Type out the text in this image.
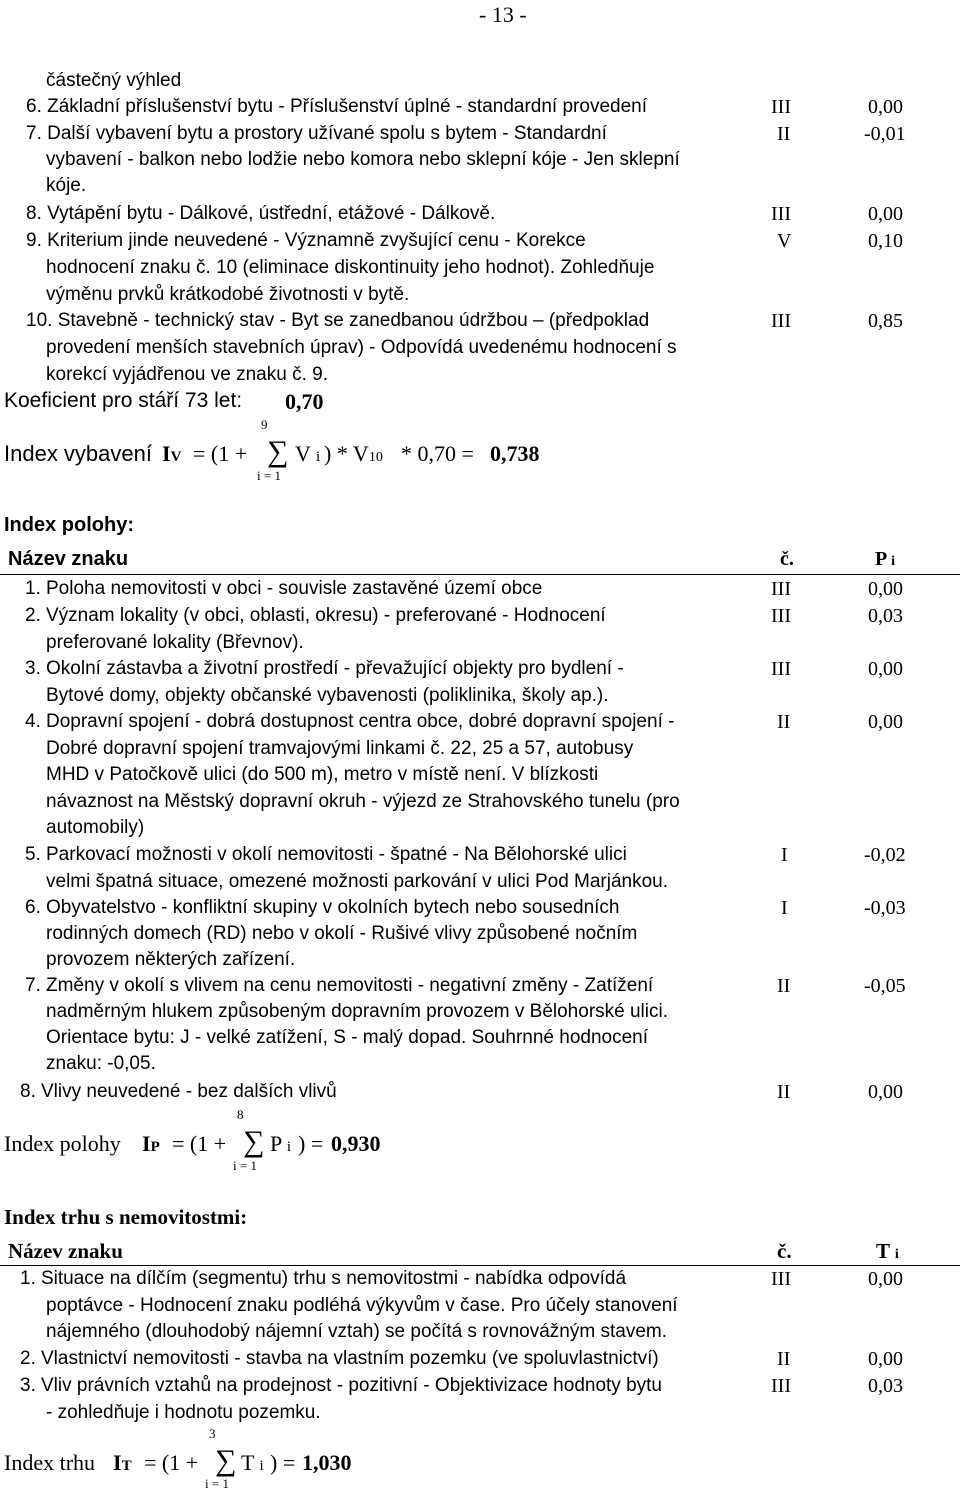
- 13 -
částečný výhled
6. Základní příslušenství bytu - Příslušenství úplné - standardní provedení	III	0,00
7. Další vybavení bytu a prostory užívané spolu s bytem - Standardní	II	-0,01
vybavení - balkon nebo lodžie nebo komora nebo sklepní kóje - Jen sklepní
kóje.
8. Vytápění bytu - Dálkové, ústřední, etážové - Dálkově.	III	0,00
9. Kriterium jinde neuvedené - Významně zvyšující cenu - Korekce	V	0,10
hodnocení znaku č. 10 (eliminace diskontinuity jeho hodnot). Zohledňuje
výměnu prvků krátkodobé životnosti v bytě.
10. Stavebně - technický stav - Byt se zanedbanou údržbou – (předpoklad	III	0,85
provedení menších stavebních úprav) - Odpovídá uvedenému hodnocení s
korekcí vyjádřenou ve znaku č. 9.
Koeficient pro stáří 73 let: 0,70
9
Index vybavení IV = (1 + ∑ V i ) * V10 * 0,70 = 0,738
i = 1
Index polohy:
Název znaku	č.	P i
1. Poloha nemovitosti v obci - souvisle zastavěné území obce	III	0,00
2. Význam lokality (v obci, oblasti, okresu) - preferované - Hodnocení	III	0,03
preferované lokality (Břevnov).
3. Okolní zástavba a životní prostředí - převažující objekty pro bydlení -	III	0,00
Bytové domy, objekty občanské vybavenosti (poliklinika, školy ap.).
4. Dopravní spojení - dobrá dostupnost centra obce, dobré dopravní spojení -	II	0,00
Dobré dopravní spojení tramvajovými linkami č. 22, 25 a 57, autobusy
MHD v Patočkově ulici (do 500 m), metro v místě není. V blízkosti
návaznost na Městský dopravní okruh - výjezd ze Strahovského tunelu (pro
automobily)
5. Parkovací možnosti v okolí nemovitosti - špatné - Na Bělohorské ulici	I	-0,02
velmi špatná situace, omezené možnosti parkování v ulici Pod Marjánkou.
6. Obyvatelstvo - konfliktní skupiny v okolních bytech nebo sousedních	I	-0,03
rodinných domech (RD) nebo v okolí - Rušivé vlivy způsobené nočním
provozem některých zařízení.
7. Změny v okolí s vlivem na cenu nemovitosti - negativní změny - Zatížení	II	-0,05
nadměrným hlukem způsobeným dopravním provozem v Bělohorské ulici.
Orientace bytu: J - velké zatížení, S - malý dopad. Souhrnné hodnocení
znaku: -0,05.
8. Vlivy neuvedené - bez dalších vlivů	II	0,00
8
Index polohy IP = (1 + ∑ P i ) = 0,930
i = 1
Index trhu s nemovitostmi:
Název znaku	č.	T i
1. Situace na dílčím (segmentu) trhu s nemovitostmi - nabídka odpovídá	III	0,00
poptávce - Hodnocení znaku podléhá výkyvům v čase. Pro účely stanovení
nájemného (dlouhodobý nájemní vztah) se počítá s rovnovážným stavem.
2. Vlastnictví nemovitosti - stavba na vlastním pozemku (ve spoluvlastnictví)	II	0,00
3. Vliv právních vztahů na prodejnost - pozitivní - Objektivizace hodnoty bytu	III	0,03
- zohledňuje i hodnotu pozemku.
3
Index trhu IT = (1 + ∑ T i ) = 1,030
i = 1
